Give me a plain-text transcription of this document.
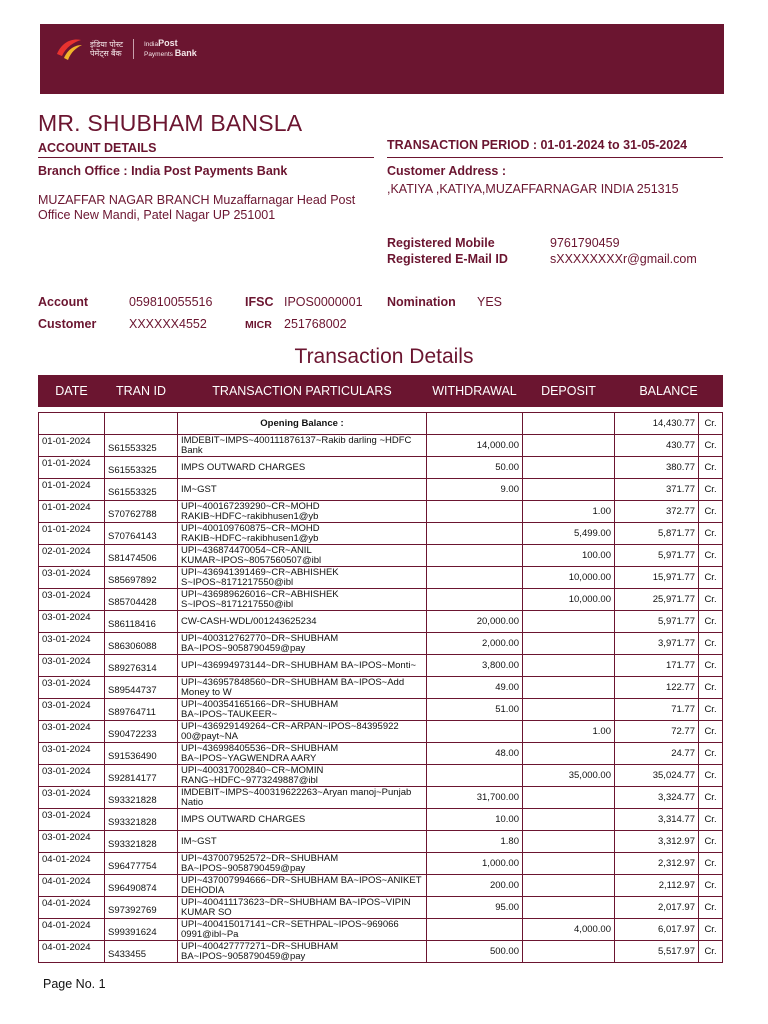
इंडिया पोस्ट
पेमेंट्स बैंक
IndiaPost
Payments Bank
MR. SHUBHAM BANSLA
ACCOUNT DETAILS	TRANSACTION PERIOD : 01-01-2024 to 31-05-2024
Branch Office : India Post Payments Bank
MUZAFFAR NAGAR BRANCH Muzaffarnagar Head Post Office New Mandi, Patel Nagar UP 251001
Customer Address :
,KATIYA ,KATIYA,MUZAFFARNAGAR INDIA 251315
Registered Mobile	9761790459
Registered E-Mail ID	sXXXXXXXXr@gmail.com
Account	059810055516	IFSC IPOS0000001 Nomination YES
Customer	XXXXXX4552	MICR 251768002
Transaction Details
DATE	TRAN ID	TRANSACTION PARTICULARS	WITHDRAWAL	DEPOSIT	BALANCE	

		Opening Balance :			14,430.77	Cr.
01-01-2024	S61553325	IMDEBIT~IMPS~400111876137~Rakib darling ~HDFC Bank	14,000.00		430.77	Cr.
01-01-2024	S61553325	IMPS OUTWARD CHARGES	50.00		380.77	Cr.
01-01-2024	S61553325	IM~GST	9.00		371.77	Cr.
01-01-2024	S70762788	UPI~400167239290~CR~MOHD RAKIB~HDFC~rakibhusen1@yb		1.00	372.77	Cr.
01-01-2024	S70764143	UPI~400109760875~CR~MOHD RAKIB~HDFC~rakibhusen1@yb		5,499.00	5,871.77	Cr.
02-01-2024	S81474506	UPI~436874470054~CR~ANIL KUMAR~IPOS~8057560507@ibl		100.00	5,971.77	Cr.
03-01-2024	S85697892	UPI~436941391469~CR~ABHISHEK S~IPOS~8171217550@ibl		10,000.00	15,971.77	Cr.
03-01-2024	S85704428	UPI~436989626016~CR~ABHISHEK S~IPOS~8171217550@ibl		10,000.00	25,971.77	Cr.
03-01-2024	S86118416	CW-CASH-WDL/001243625234	20,000.00		5,971.77	Cr.
03-01-2024	S86306088	UPI~400312762770~DR~SHUBHAM BA~IPOS~9058790459@pay	2,000.00		3,971.77	Cr.
03-01-2024	S89276314	UPI~436994973144~DR~SHUBHAM BA~IPOS~Monti~	3,800.00		171.77	Cr.
03-01-2024	S89544737	UPI~436957848560~DR~SHUBHAM BA~IPOS~Add Money to W	49.00		122.77	Cr.
03-01-2024	S89764711	UPI~400354165166~DR~SHUBHAM BA~IPOS~TAUKEER~	51.00		71.77	Cr.
03-01-2024	S90472233	UPI~436929149264~CR~ARPAN~IPOS~84395922 00@payt~NA		1.00	72.77	Cr.
03-01-2024	S91536490	UPI~436998405536~DR~SHUBHAM BA~IPOS~YAGWENDRA AARY	48.00		24.77	Cr.
03-01-2024	S92814177	UPI~400317002840~CR~MOMIN RANG~HDFC~9773249887@ibl		35,000.00	35,024.77	Cr.
03-01-2024	S93321828	IMDEBIT~IMPS~400319622263~Aryan manoj~Punjab Natio	31,700.00		3,324.77	Cr.
03-01-2024	S93321828	IMPS OUTWARD CHARGES	10.00		3,314.77	Cr.
03-01-2024	S93321828	IM~GST	1.80		3,312.97	Cr.
04-01-2024	S96477754	UPI~437007952572~DR~SHUBHAM BA~IPOS~9058790459@pay	1,000.00		2,312.97	Cr.
04-01-2024	S96490874	UPI~437007994666~DR~SHUBHAM BA~IPOS~ANIKET DEHODIA	200.00		2,112.97	Cr.
04-01-2024	S97392769	UPI~400411173623~DR~SHUBHAM BA~IPOS~VIPIN KUMAR SO	95.00		2,017.97	Cr.
04-01-2024	S99391624	UPI~400415017141~CR~SETHPAL~IPOS~969066 0991@ibl~Pa		4,000.00	6,017.97	Cr.
04-01-2024	S433455	UPI~400427777271~DR~SHUBHAM BA~IPOS~9058790459@pay	500.00		5,517.97	Cr.
Page No. 1
